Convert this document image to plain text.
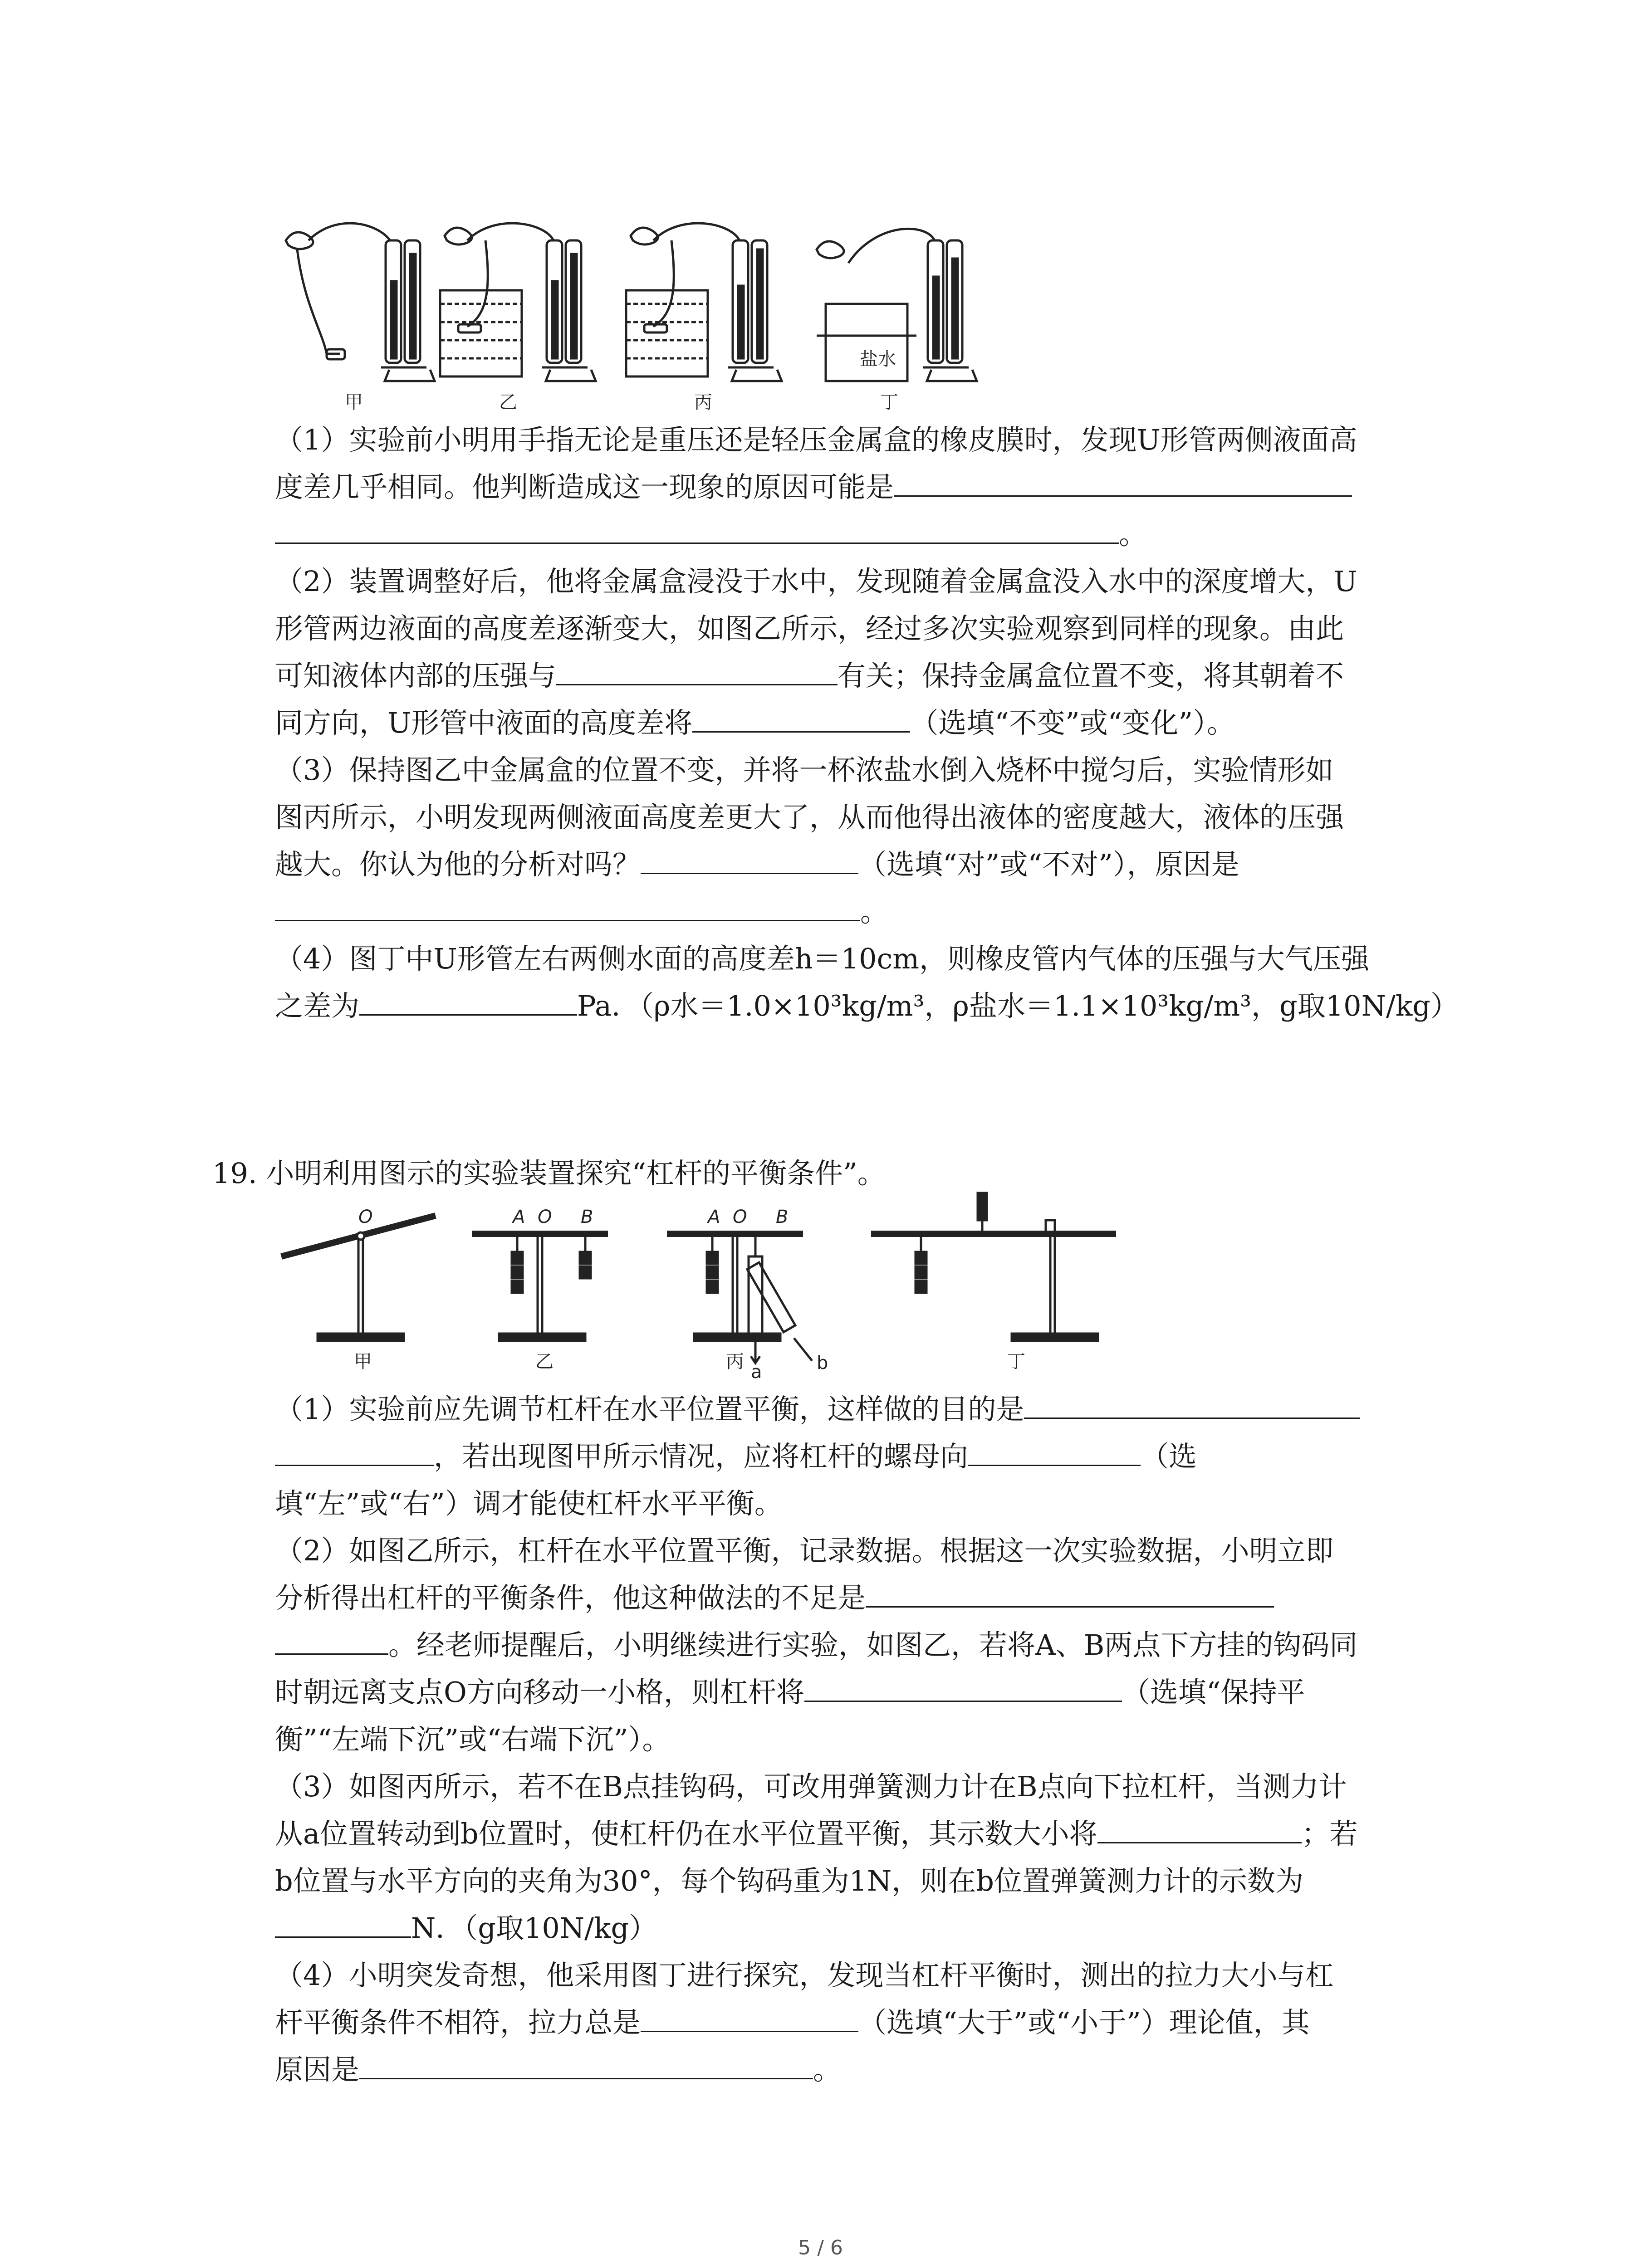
甲	乙	丙	丁
盐水
（1）实验前小明用手指无论是重压还是轻压金属盒的橡皮膜时，发现U形管两侧液面高
度差几乎相同。他判断造成这一现象的原因可能是
。
（2）装置调整好后，他将金属盒浸没于水中，发现随着金属盒没入水中的深度增大，U
形管两边液面的高度差逐渐变大，如图乙所示，经过多次实验观察到同样的现象。由此
可知液体内部的压强与	有关；保持金属盒位置不变，将其朝着不
同方向，U形管中液面的高度差将	（选填“不变”或“变化”）。
（3）保持图乙中金属盒的位置不变，并将一杯浓盐水倒入烧杯中搅匀后，实验情形如
图丙所示，小明发现两侧液面高度差更大了，从而他得出液体的密度越大，液体的压强
越大。你认为他的分析对吗？	（选填“对”或“不对”），原因是
。
（4）图丁中U形管左右两侧水面的高度差h＝10cm，则橡皮管内气体的压强与大气压强
之差为	Pa．（ρ水＝1.0×10³kg/m³，ρ盐水＝1.1×10³kg/m³，g取10N/kg）
19. 小明利用图示的实验装置探究“杠杆的平衡条件”。
O	A O B	A O B
a	b
甲	乙	丙	丁
（1）实验前应先调节杠杆在水平位置平衡，这样做的目的是
，若出现图甲所示情况，应将杠杆的螺母向	（选
填“左”或“右”）调才能使杠杆水平平衡。
（2）如图乙所示，杠杆在水平位置平衡，记录数据。根据这一次实验数据，小明立即
分析得出杠杆的平衡条件，他这种做法的不足是
。经老师提醒后，小明继续进行实验，如图乙，若将A、B两点下方挂的钩码同
时朝远离支点O方向移动一小格，则杠杆将	（选填“保持平
衡”“左端下沉”或“右端下沉”）。
（3）如图丙所示，若不在B点挂钩码，可改用弹簧测力计在B点向下拉杠杆，当测力计
从a位置转动到b位置时，使杠杆仍在水平位置平衡，其示数大小将	；若
b位置与水平方向的夹角为30°，每个钩码重为1N，则在b位置弹簧测力计的示数为
N．（g取10N/kg）
（4）小明突发奇想，他采用图丁进行探究，发现当杠杆平衡时，测出的拉力大小与杠
杆平衡条件不相符，拉力总是	（选填“大于”或“小于”）理论值，其
原因是	。
5 / 6
